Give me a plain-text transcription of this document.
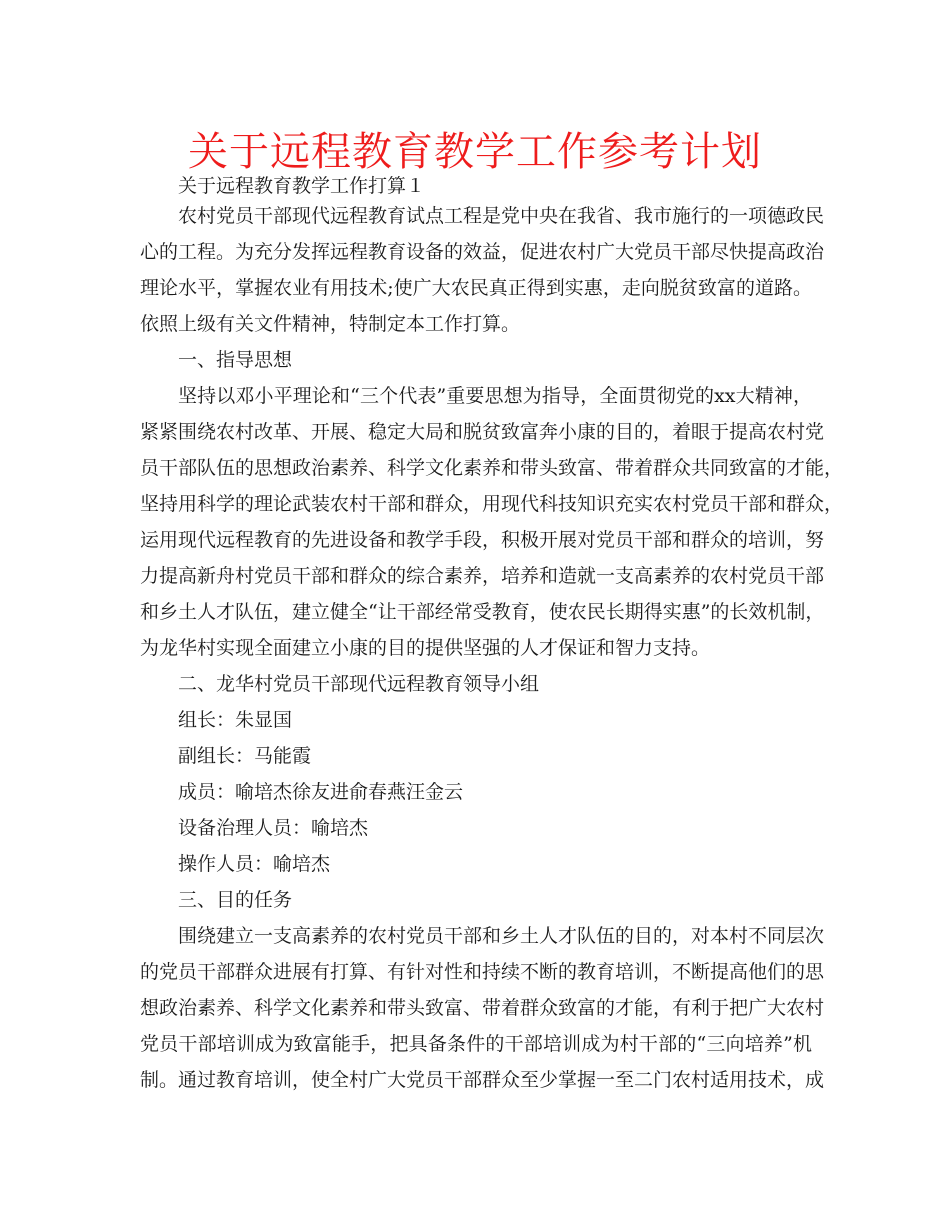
关于远程教育教学工作参考计划
关于远程教育教学工作打算１
农村党员干部现代远程教育试点工程是党中央在我省、我市施行的一项德政民
心的工程。为充分发挥远程教育设备的效益，促进农村广大党员干部尽快提高政治
理论水平，掌握农业有用技术;使广大农民真正得到实惠，走向脱贫致富的道路。
依照上级有关文件精神，特制定本工作打算。
一、指导思想
坚持以邓小平理论和“三个代表”重要思想为指导，全面贯彻党的xx大精神，
紧紧围绕农村改革、开展、稳定大局和脱贫致富奔小康的目的，着眼于提高农村党
员干部队伍的思想政治素养、科学文化素养和带头致富、带着群众共同致富的才能，
坚持用科学的理论武装农村干部和群众，用现代科技知识充实农村党员干部和群众，
运用现代远程教育的先进设备和教学手段，积极开展对党员干部和群众的培训，努
力提高新舟村党员干部和群众的综合素养，培养和造就一支高素养的农村党员干部
和乡土人才队伍，建立健全“让干部经常受教育，使农民长期得实惠”的长效机制，
为龙华村实现全面建立小康的目的提供坚强的人才保证和智力支持。
二、龙华村党员干部现代远程教育领导小组
组长：朱显国
副组长：马能霞
成员：喻培杰徐友进俞春燕汪金云
设备治理人员：喻培杰
操作人员：喻培杰
三、目的任务
围绕建立一支高素养的农村党员干部和乡土人才队伍的目的，对本村不同层次
的党员干部群众进展有打算、有针对性和持续不断的教育培训，不断提高他们的思
想政治素养、科学文化素养和带头致富、带着群众致富的才能，有利于把广大农村
党员干部培训成为致富能手，把具备条件的干部培训成为村干部的“三向培养”机
制。通过教育培训，使全村广大党员干部群众至少掌握一至二门农村适用技术，成
